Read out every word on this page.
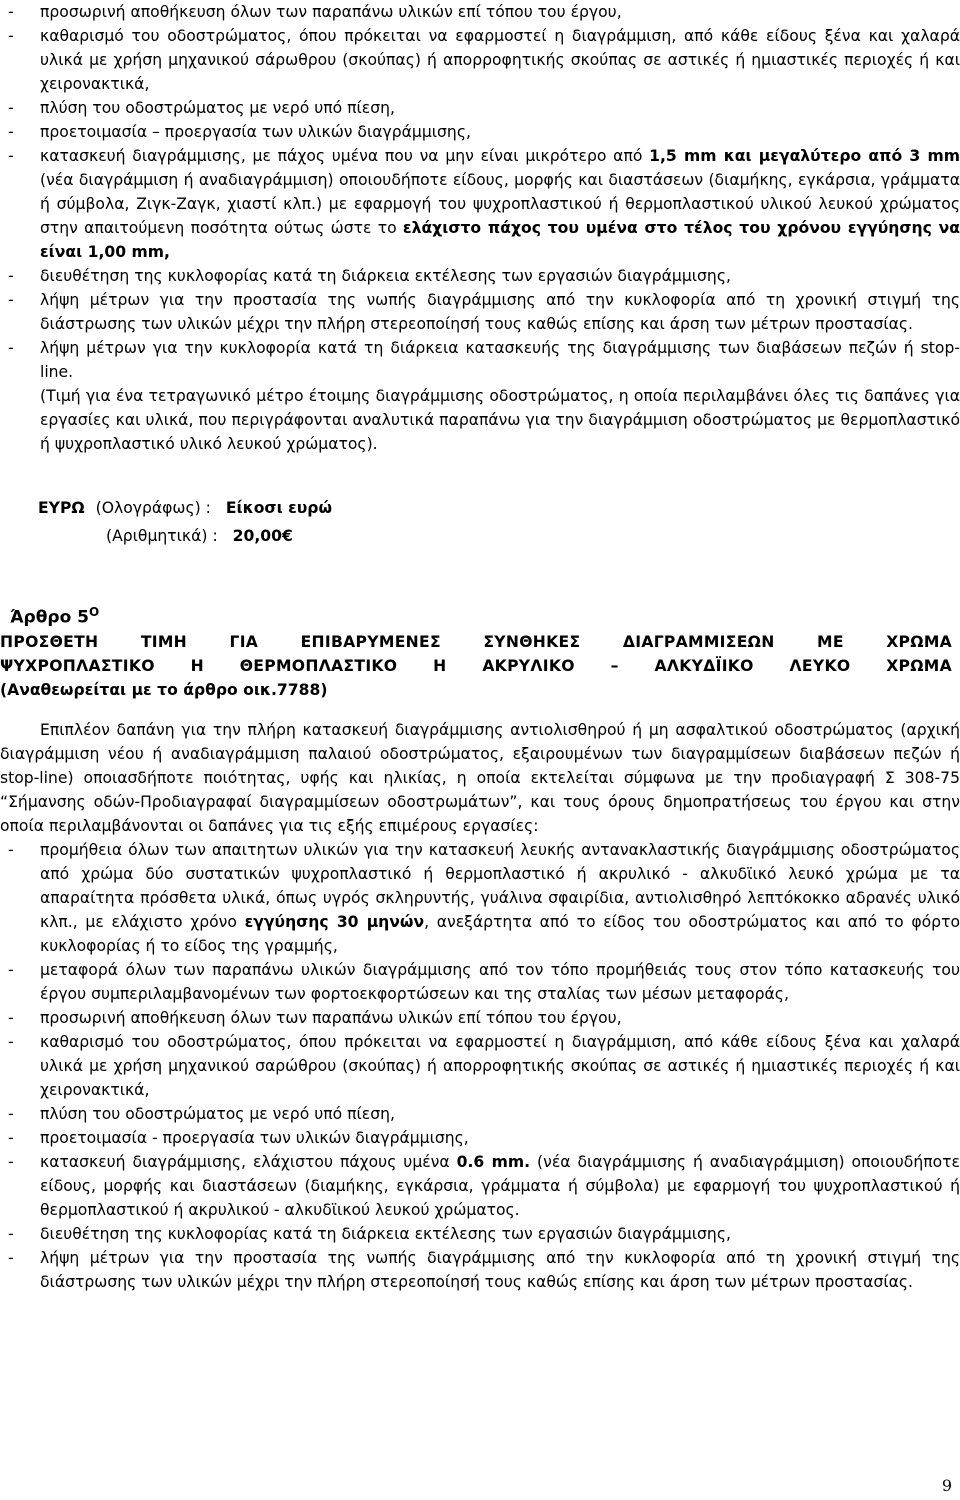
- προσωρινή αποθήκευση όλων των παραπάνω υλικών επί τόπου του έργου,

- καθαρισμό του οδοστρώματος, όπου πρόκειται να εφαρμοστεί η διαγράμμιση, από κάθε είδους ξένα και χαλαρά υλικά με χρήση μηχανικού σάρωθρου (σκούπας) ή απορροφητικής σκούπας σε αστικές ή ημιαστικές περιοχές ή και χειρονακτικά,

- πλύση του οδοστρώματος με νερό υπό πίεση,

- προετοιμασία – προεργασία των υλικών διαγράμμισης,

- κατασκευή διαγράμμισης, με πάχος υμένα που να μην είναι μικρότερο από 1,5 mm και μεγαλύτερο από 3 mm (νέα διαγράμμιση ή αναδιαγράμμιση) οποιουδήποτε είδους, μορφής και διαστάσεων (διαμήκης, εγκάρσια, γράμματα ή σύμβολα, Ζιγκ-Ζαγκ, χιαστί κλπ.) με εφαρμογή του ψυχροπλαστικού ή θερμοπλαστικού υλικού λευκού χρώματος στην απαιτούμενη ποσότητα ούτως ώστε το ελάχιστο πάχος του υμένα στο τέλος του χρόνου εγγύησης να είναι 1,00 mm,

- διευθέτηση της κυκλοφορίας κατά τη διάρκεια εκτέλεσης των εργασιών διαγράμμισης,

- λήψη μέτρων για την προστασία της νωπής διαγράμμισης από την κυκλοφορία από τη χρονική στιγμή της διάστρωσης των υλικών μέχρι την πλήρη στερεοποίησή τους καθώς επίσης και άρση των μέτρων προστασίας.

- λήψη μέτρων για την κυκλοφορία κατά τη διάρκεια κατασκευής της διαγράμμισης των διαβάσεων πεζών ή stop-line.

(Τιμή για ένα τετραγωνικό μέτρο έτοιμης διαγράμμισης οδοστρώματος, η οποία περιλαμβάνει όλες τις δαπάνες για εργασίες και υλικά, που περιγράφονται αναλυτικά παραπάνω για την διαγράμμιση οδοστρώματος με θερμοπλαστικό ή ψυχροπλαστικό υλικό λευκού χρώματος).

ΕΥΡΩ (Ολογράφως) : Είκοσι ευρώ
(Αριθμητικά) : 20,00€
Άρθρο $5^O$
ΠΡΟΣΘΕΤΗ ΤΙΜΗ ΓΙΑ ΕΠΙΒΑΡΥΜΕΝΕΣ ΣΥΝΘΗΚΕΣ ΔΙΑΓΡΑΜΜΙΣΕΩΝ ΜΕ ΧΡΩΜΑ
ΨΥΧΡΟΠΛΑΣΤΙΚΟ Η ΘΕΡΜΟΠΛΑΣΤΙΚΟ Η ΑΚΡΥΛΙΚΟ – ΑΛΚΥΔΪΙΚΟ ΛΕΥΚΟ ΧΡΩΜΑ
(Αναθεωρείται με το άρθρο οικ.7788)

Επιπλέον δαπάνη για την πλήρη κατασκευή διαγράμμισης αντιολισθηρού ή μη ασφαλτικού οδοστρώματος (αρχική διαγράμμιση νέου ή αναδιαγράμμιση παλαιού οδοστρώματος, εξαιρουμένων των διαγραμμίσεων διαβάσεων πεζών ή stop-line) οποιασδήποτε ποιότητας, υφής και ηλικίας, η οποία εκτελείται σύμφωνα με την προδιαγραφή Σ 308-75 “Σήμανσης οδών-Προδιαγραφαί διαγραμμίσεων οδοστρωμάτων”, και τους όρους δημοπρατήσεως του έργου και στην οποία περιλαμβάνονται οι δαπάνες για τις εξής επιμέρους εργασίες:

- προμήθεια όλων των απαιτητων υλικών για την κατασκευή λευκής αντανακλαστικής διαγράμμισης οδοστρώματος από χρώμα δύο συστατικών ψυχροπλαστικό ή θερμοπλαστικό ή ακρυλικό - αλκυδϊικό λευκό χρώμα με τα απαραίτητα πρόσθετα υλικά, όπως υγρός σκληρυντής, γυάλινα σφαιρίδια, αντιολισθηρό λεπτόκοκκο αδρανές υλικό κλπ., με ελάχιστο χρόνο εγγύησης 30 μηνών, ανεξάρτητα από το είδος του οδοστρώματος και από το φόρτο κυκλοφορίας ή το είδος της γραμμής,

- μεταφορά όλων των παραπάνω υλικών διαγράμμισης από τον τόπο προμήθειάς τους στον τόπο κατασκευής του έργου συμπεριλαμβανομένων των φορτοεκφορτώσεων και της σταλίας των μέσων μεταφοράς,

- προσωρινή αποθήκευση όλων των παραπάνω υλικών επί τόπου του έργου,

- καθαρισμό του οδοστρώματος, όπου πρόκειται να εφαρμοστεί η διαγράμμιση, από κάθε είδους ξένα και χαλαρά υλικά με χρήση μηχανικού σαρώθρου (σκούπας) ή απορροφητικής σκούπας σε αστικές ή ημιαστικές περιοχές ή και χειρονακτικά,

- πλύση του οδοστρώματος με νερό υπό πίεση,

- προετοιμασία - προεργασία των υλικών διαγράμμισης,

- κατασκευή διαγράμμισης, ελάχιστου πάχους υμένα 0.6 mm. (νέα διαγράμμισης ή αναδιαγράμμιση) οποιουδήποτε είδους, μορφής και διαστάσεων (διαμήκης, εγκάρσια, γράμματα ή σύμβολα) με εφαρμογή του ψυχροπλαστικού ή θερμοπλαστικού ή ακρυλικού - αλκυδϊικού λευκού χρώματος.

- διευθέτηση της κυκλοφορίας κατά τη διάρκεια εκτέλεσης των εργασιών διαγράμμισης,

- λήψη μέτρων για την προστασία της νωπής διαγράμμισης από την κυκλοφορία από τη χρονική στιγμή της διάστρωσης των υλικών μέχρι την πλήρη στερεοποίησή τους καθώς επίσης και άρση των μέτρων προστασίας.

9
